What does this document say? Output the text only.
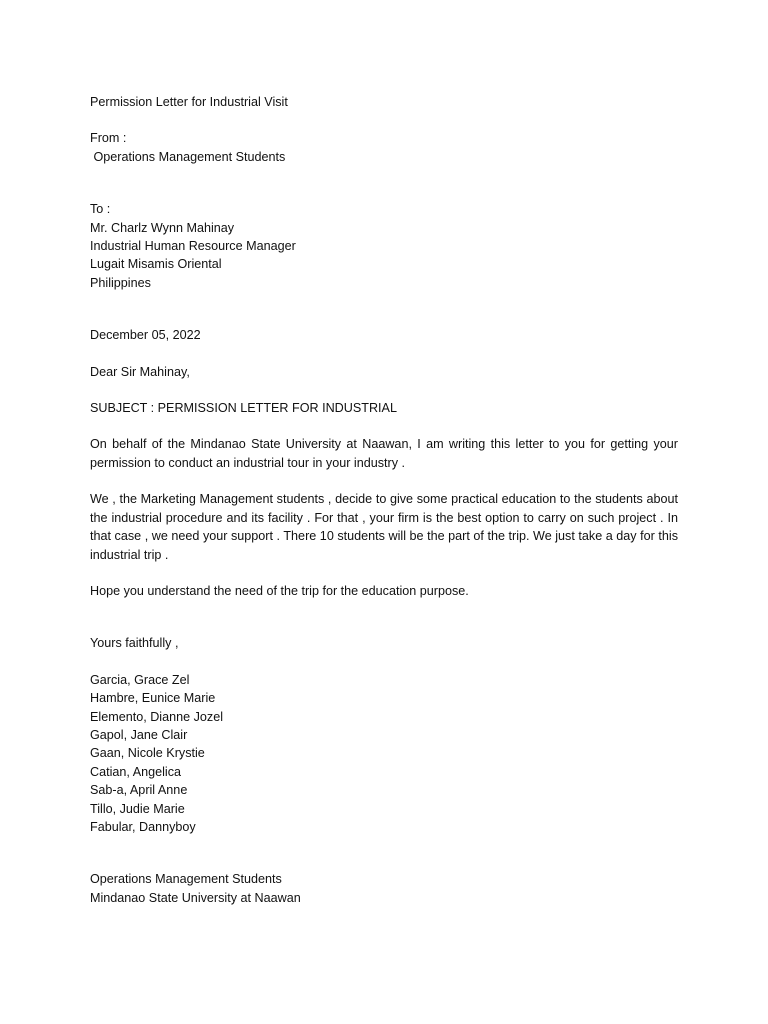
Permission Letter for Industrial Visit
From :
Operations Management Students
To :
Mr. Charlz Wynn Mahinay
Industrial Human Resource Manager
Lugait Misamis Oriental
Philippines
December 05, 2022
Dear Sir Mahinay,
SUBJECT : PERMISSION LETTER FOR INDUSTRIAL
On behalf of the Mindanao State University at Naawan, I am writing this letter to you for getting your permission to conduct an industrial tour in your industry .
We , the Marketing Management students , decide to give some practical education to the students about the industrial procedure and its facility . For that , your firm is the best option to carry on such project . In that case , we need your support . There 10 students will be the part of the trip. We just take a day for this industrial trip .
Hope you understand the need of the trip for the education purpose.
Yours faithfully ,
Garcia, Grace Zel
Hambre, Eunice Marie
Elemento, Dianne Jozel
Gapol, Jane Clair
Gaan, Nicole Krystie
Catian, Angelica
Sab-a, April Anne
Tillo, Judie Marie
Fabular, Dannyboy
Operations Management Students
Mindanao State University at Naawan
